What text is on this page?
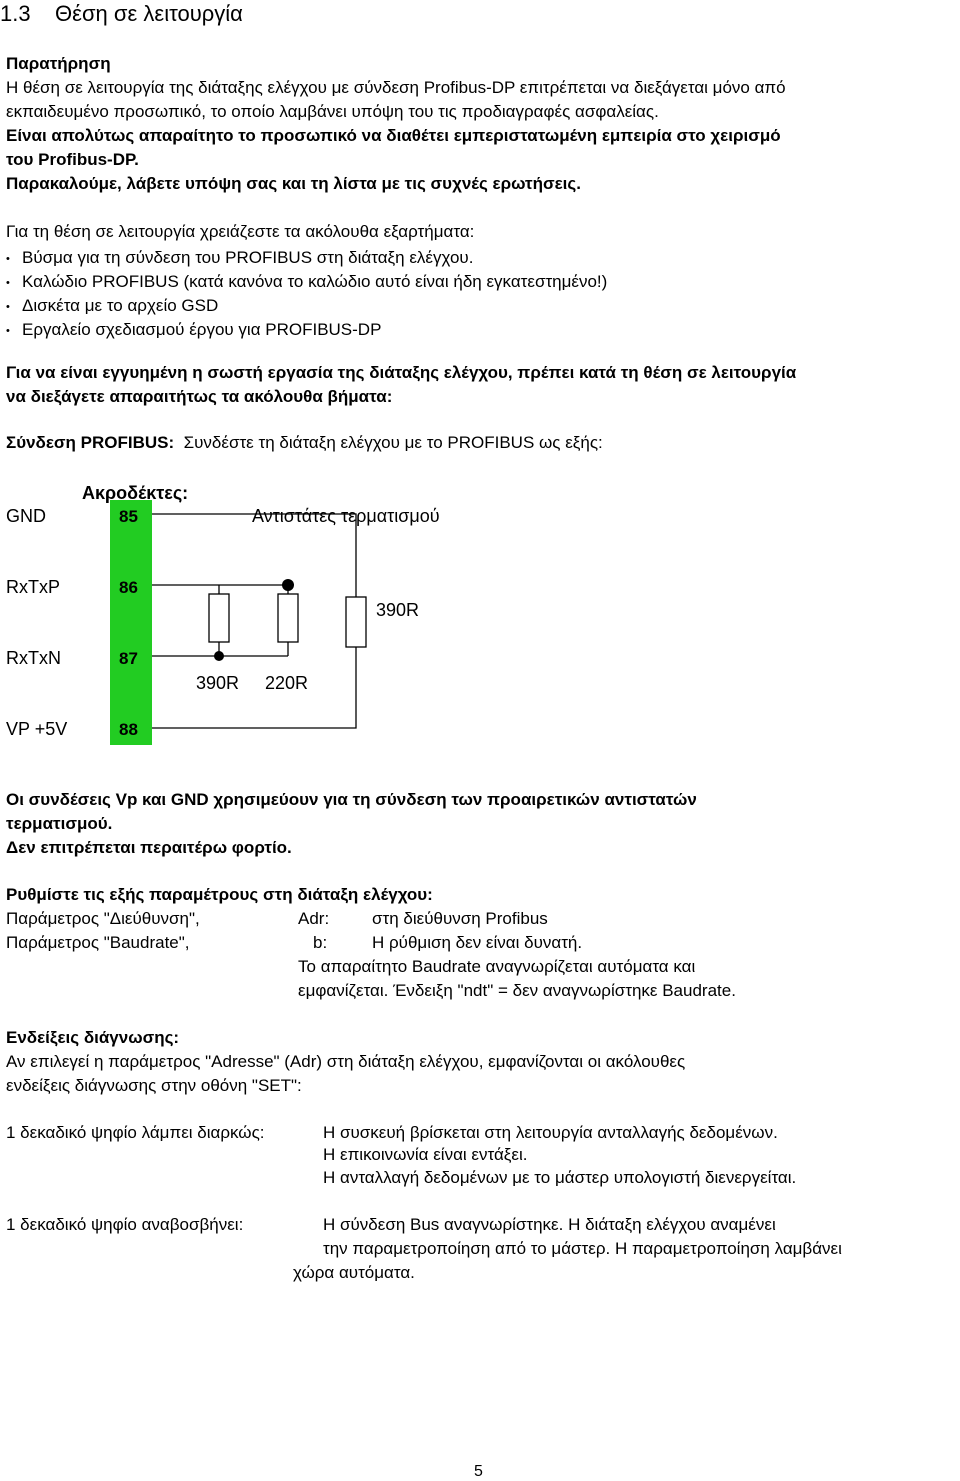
1.3 Θέση σε λειτουργία
Παρατήρηση
Η θέση σε λειτουργία της διάταξης ελέγχου με σύνδεση Profibus-DP επιτρέπεται να διεξάγεται μόνο από
εκπαιδευμένο προσωπικό, το οποίο λαμβάνει υπόψη του τις προδιαγραφές ασφαλείας.
Είναι απολύτως απαραίτητο το προσωπικό να διαθέτει εμπεριστατωμένη εμπειρία στο χειρισμό
του Profibus-DP.
Παρακαλούμε, λάβετε υπόψη σας και τη λίστα με τις συχνές ερωτήσεις.
Για τη θέση σε λειτουργία χρειάζεστε τα ακόλουθα εξαρτήματα:
• Βύσμα για τη σύνδεση του PROFIBUS στη διάταξη ελέγχου.
• Καλώδιο PROFIBUS (κατά κανόνα το καλώδιο αυτό είναι ήδη εγκατεστημένο!)
• Δισκέτα με το αρχείο GSD
• Εργαλείο σχεδιασμού έργου για PROFIBUS-DP
Για να είναι εγγυημένη η σωστή εργασία της διάταξης ελέγχου, πρέπει κατά τη θέση σε λειτουργία
να διεξάγετε απαραιτήτως τα ακόλουθα βήματα:
Σύνδεση PROFIBUS: Συνδέστε τη διάταξη ελέγχου με το PROFIBUS ως εξής:
Ακροδέκτες:
Αντιστάτες τερματισμού
GND
RxTxP
RxTxN
VP +5V
85
86
87
88
390R 220R
390R
Οι συνδέσεις Vp και GND χρησιμεύουν για τη σύνδεση των προαιρετικών αντιστατών
τερματισμού.
Δεν επιτρέπεται περαιτέρω φορτίο.
Ρυθμίστε τις εξής παραμέτρους στη διάταξη ελέγχου:
Παράμετρος "Διεύθυνση",	Adr:	στη διεύθυνση Profibus
Παράμετρος "Baudrate",	b:	Η ρύθμιση δεν είναι δυνατή.
Το απαραίτητο Baudrate αναγνωρίζεται αυτόματα και
εμφανίζεται. Ένδειξη "ndt" = δεν αναγνωρίστηκε Baudrate.
Ενδείξεις διάγνωσης:
Αν επιλεγεί η παράμετρος "Adresse" (Adr) στη διάταξη ελέγχου, εμφανίζονται οι ακόλουθες
ενδείξεις διάγνωσης στην οθόνη "SET":
1 δεκαδικό ψηφίο λάμπει διαρκώς:	Η συσκευή βρίσκεται στη λειτουργία ανταλλαγής δεδομένων.
Η επικοινωνία είναι εντάξει.
Η ανταλλαγή δεδομένων με το μάστερ υπολογιστή διενεργείται.
1 δεκαδικό ψηφίο αναβοσβήνει:	Η σύνδεση Bus αναγνωρίστηκε. Η διάταξη ελέγχου αναμένει
την παραμετροποίηση από το μάστερ. Η παραμετροποίηση λαμβάνει
χώρα αυτόματα.
5
